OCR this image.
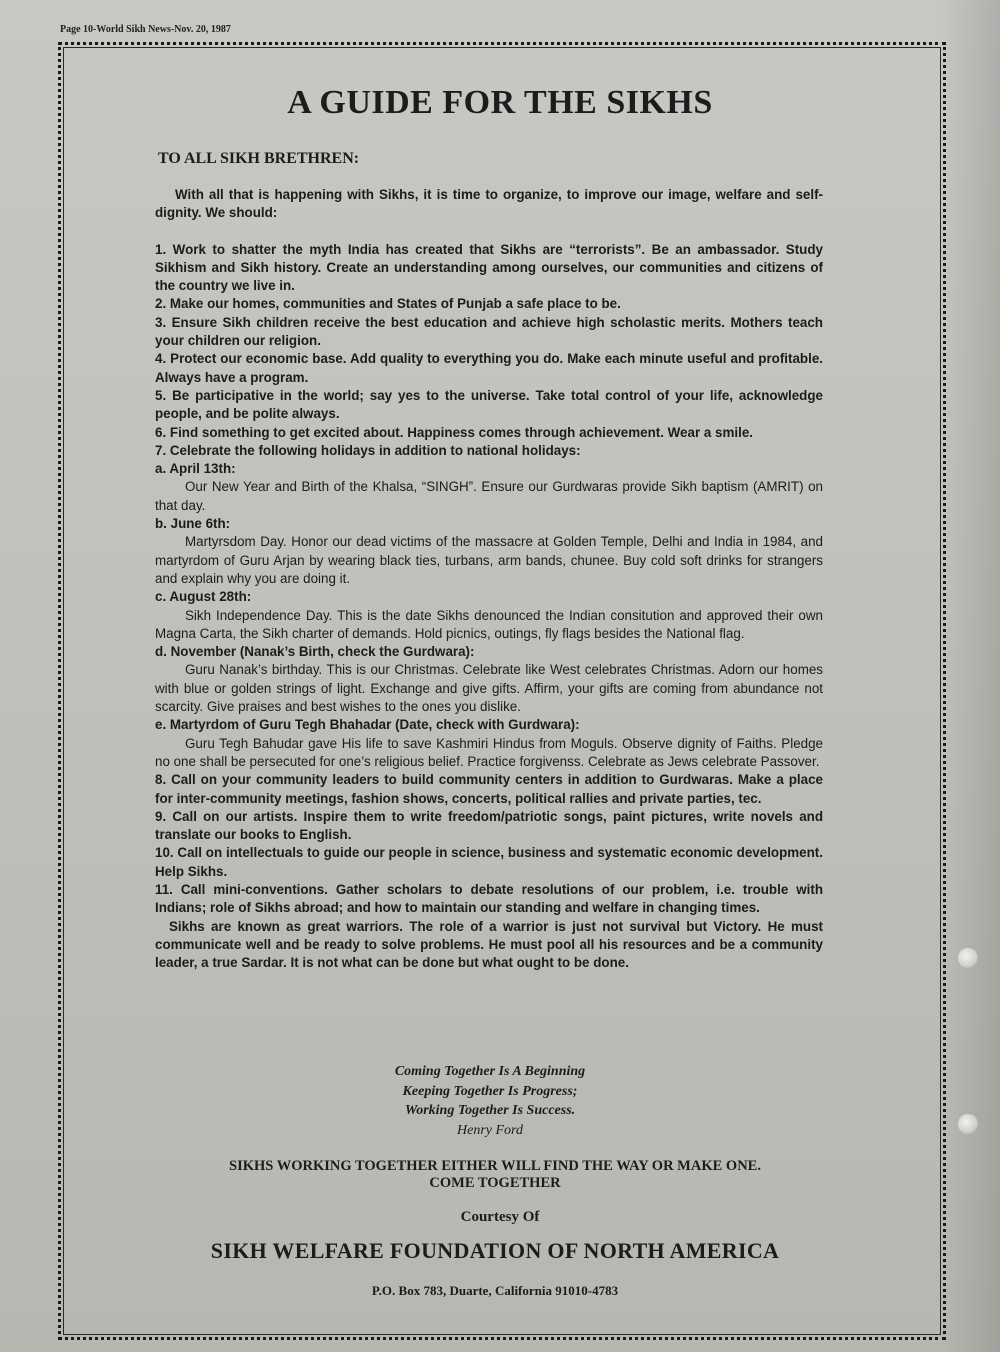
Page 10-World Sikh News-Nov. 20, 1987
A GUIDE FOR THE SIKHS
TO ALL SIKH BRETHREN:

With all that is happening with Sikhs, it is time to organize, to improve our image, welfare and self-dignity. We should:

1. Work to shatter the myth India has created that Sikhs are “terrorists”. Be an ambassador. Study Sikhism and Sikh history. Create an understanding among ourselves, our communities and citizens of the country we live in.

2. Make our homes, communities and States of Punjab a safe place to be.

3. Ensure Sikh children receive the best education and achieve high scholastic merits. Mothers teach your children our religion.

4. Protect our economic base. Add quality to everything you do. Make each minute useful and profitable. Always have a program.

5. Be participative in the world; say yes to the universe. Take total control of your life, acknowledge people, and be polite always.

6. Find something to get excited about. Happiness comes through achievement. Wear a smile.

7. Celebrate the following holidays in addition to national holidays:

a. April 13th:

Our New Year and Birth of the Khalsa, “SINGH”. Ensure our Gurdwaras provide Sikh baptism (AMRIT) on that day.

b. June 6th:

Martyrsdom Day. Honor our dead victims of the massacre at Golden Temple, Delhi and India in 1984, and martyrdom of Guru Arjan by wearing black ties, turbans, arm bands, chunee. Buy cold soft drinks for strangers and explain why you are doing it.

c. August 28th:

Sikh Independence Day. This is the date Sikhs denounced the Indian consitution and approved their own Magna Carta, the Sikh charter of demands. Hold picnics, outings, fly flags besides the National flag.

d. November (Nanak’s Birth, check the Gurdwara):

Guru Nanak’s birthday. This is our Christmas. Celebrate like West celebrates Christmas. Adorn our homes with blue or golden strings of light. Exchange and give gifts. Affirm, your gifts are coming from abundance not scarcity. Give praises and best wishes to the ones you dislike.

e. Martyrdom of Guru Tegh Bhahadar (Date, check with Gurdwara):

Guru Tegh Bahudar gave His life to save Kashmiri Hindus from Moguls. Observe dignity of Faiths. Pledge no one shall be persecuted for one’s religious belief. Practice forgivenss. Celebrate as Jews celebrate Passover.

8. Call on your community leaders to build community centers in addition to Gurdwaras. Make a place for inter-community meetings, fashion shows, concerts, political rallies and private parties, tec.

9. Call on our artists. Inspire them to write freedom/patriotic songs, paint pictures, write novels and translate our books to English.

10. Call on intellectuals to guide our people in science, business and systematic economic development. Help Sikhs.

11. Call mini-conventions. Gather scholars to debate resolutions of our problem, i.e. trouble with Indians; role of Sikhs abroad; and how to maintain our standing and welfare in changing times.

Sikhs are known as great warriors. The role of a warrior is just not survival but Victory. He must communicate well and be ready to solve problems. He must pool all his resources and be a community leader, a true Sardar. It is not what can be done but what ought to be done.

Coming Together Is A Beginning
Keeping Together Is Progress;
Working Together Is Success.
Henry Ford
SIKHS WORKING TOGETHER EITHER WILL FIND THE WAY OR MAKE ONE.
COME TOGETHER
Courtesy Of
SIKH WELFARE FOUNDATION OF NORTH AMERICA
P.O. Box 783, Duarte, California 91010-4783
